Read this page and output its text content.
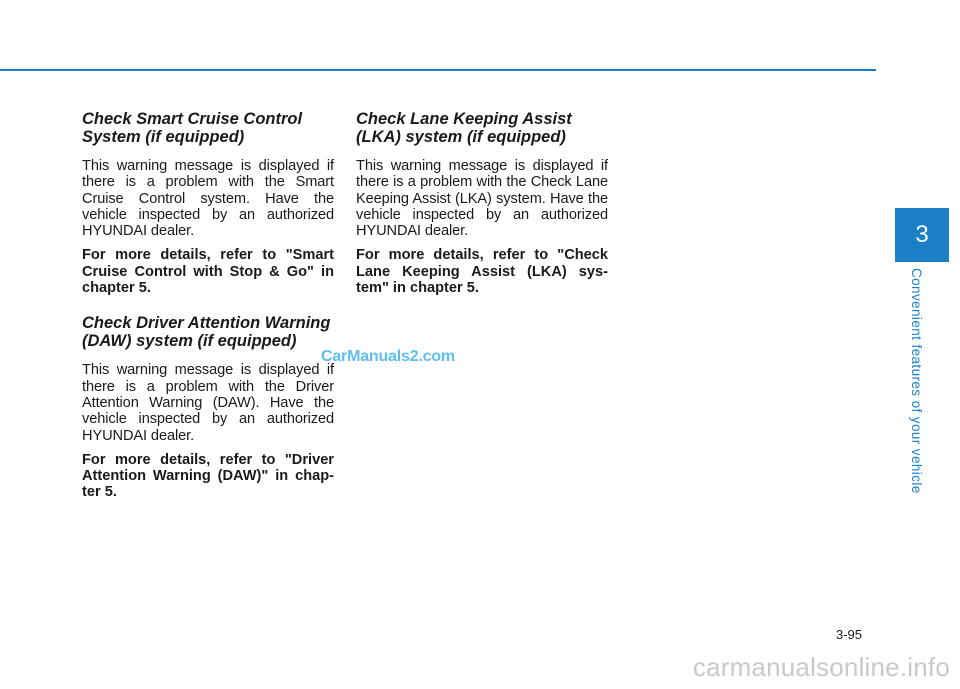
Check Smart Cruise Control System (if equipped)

This warning message is displayed if there is a problem with the Smart Cruise Control system. Have the vehicle inspected by an authorized HYUNDAI dealer.

For more details, refer to "Smart Cruise Control with Stop & Go" in chapter 5.

Check Driver Attention Warning (DAW) system (if equipped)

This warning message is displayed if there is a problem with the Driver Attention Warning (DAW). Have the vehicle inspected by an authorized HYUNDAI dealer.

For more details, refer to "Driver Attention Warning (DAW)" in chap-ter 5.

Check Lane Keeping Assist (LKA) system (if equipped)

This warning message is displayed if there is a problem with the Check Lane Keeping Assist (LKA) system. Have the vehicle inspected by an authorized HYUNDAI dealer.

For more details, refer to "Check Lane Keeping Assist (LKA) sys-tem" in chapter 5.

CarManuals2.com
3
Convenient features of your vehicle
3-95
carmanualsonline.info
